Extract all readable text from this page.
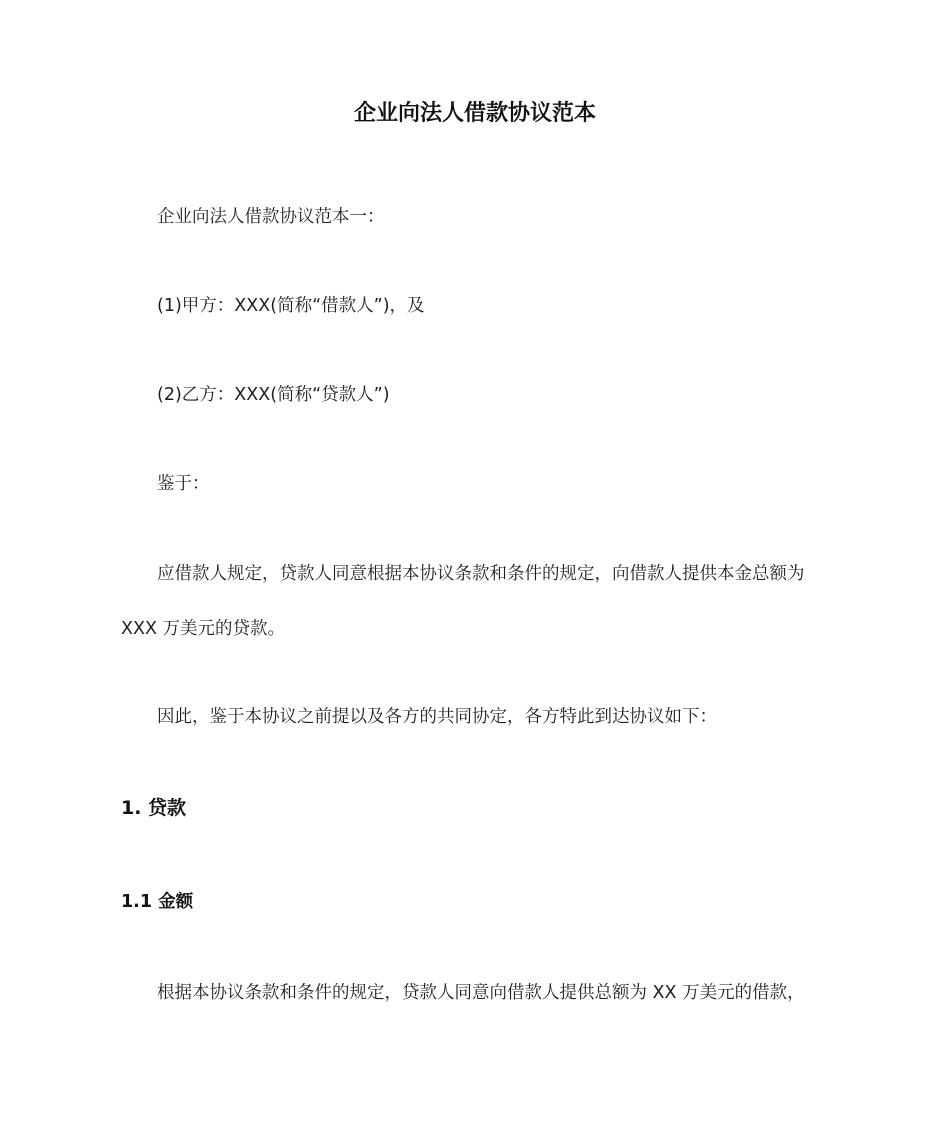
企业向法人借款协议范本
企业向法人借款协议范本一：
(1)甲方：XXX(简称“借款人”)，及
(2)乙方：XXX(简称“贷款人”)
鉴于：
应借款人规定，贷款人同意根据本协议条款和条件的规定，向借款人提供本金总额为
XXX 万美元的贷款。
因此，鉴于本协议之前提以及各方的共同协定，各方特此到达协议如下：
1. 贷款
1.1 金额
根据本协议条款和条件的规定，贷款人同意向借款人提供总额为 XX 万美元的借款，
